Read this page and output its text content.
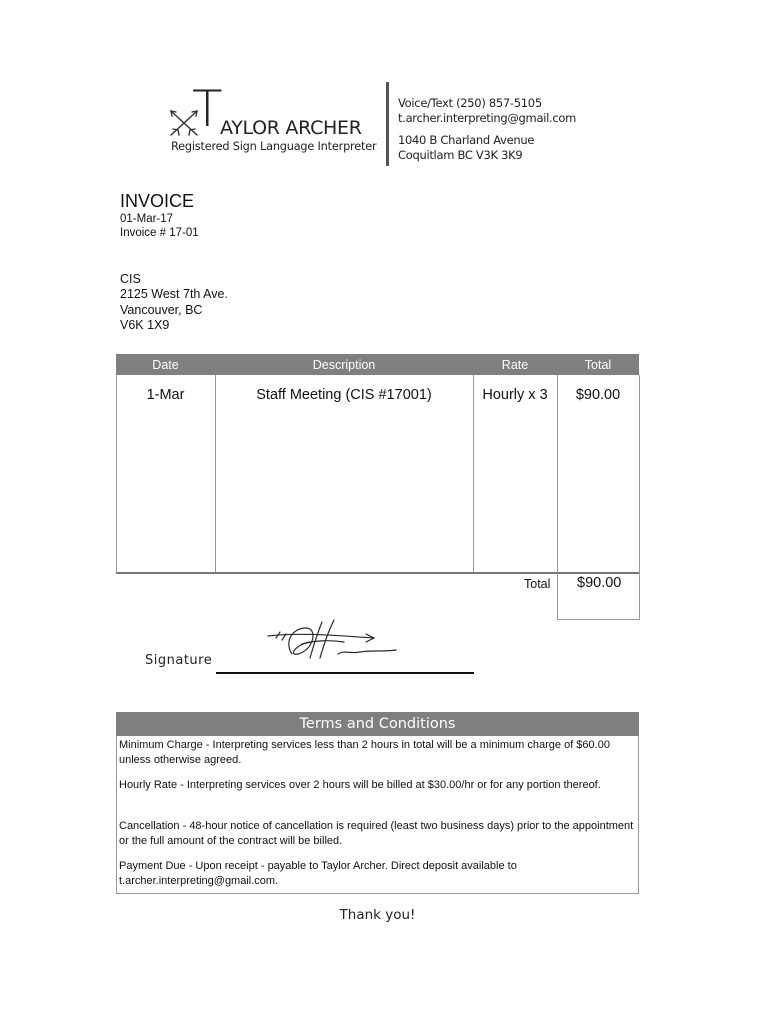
T
AYLOR ARCHER
Registered Sign Language Interpreter
Voice/Text (250) 857-5105
t.archer.interpreting@gmail.com
1040 B Charland Avenue
Coquitlam BC V3K 3K9
INVOICE
01-Mar-17
Invoice # 17-01
CIS
2125 West 7th Ave.
Vancouver, BC
V6K 1X9
Date	Description	Rate	Total
1-Mar	Staff Meeting (CIS #17001)	Hourly x 3	$90.00
Total $90.00
Signature
Terms and Conditions
Minimum Charge - Interpreting services less than 2 hours in total will be a minimum charge of $60.00 unless otherwise agreed.
Hourly Rate - Interpreting services over 2 hours will be billed at $30.00/hr or for any portion thereof.
Cancellation - 48-hour notice of cancellation is required (least two business days) prior to the appointment or the full amount of the contract will be billed.
Payment Due - Upon receipt - payable to Taylor Archer. Direct deposit available to t.archer.interpreting@gmail.com.
Thank you!
